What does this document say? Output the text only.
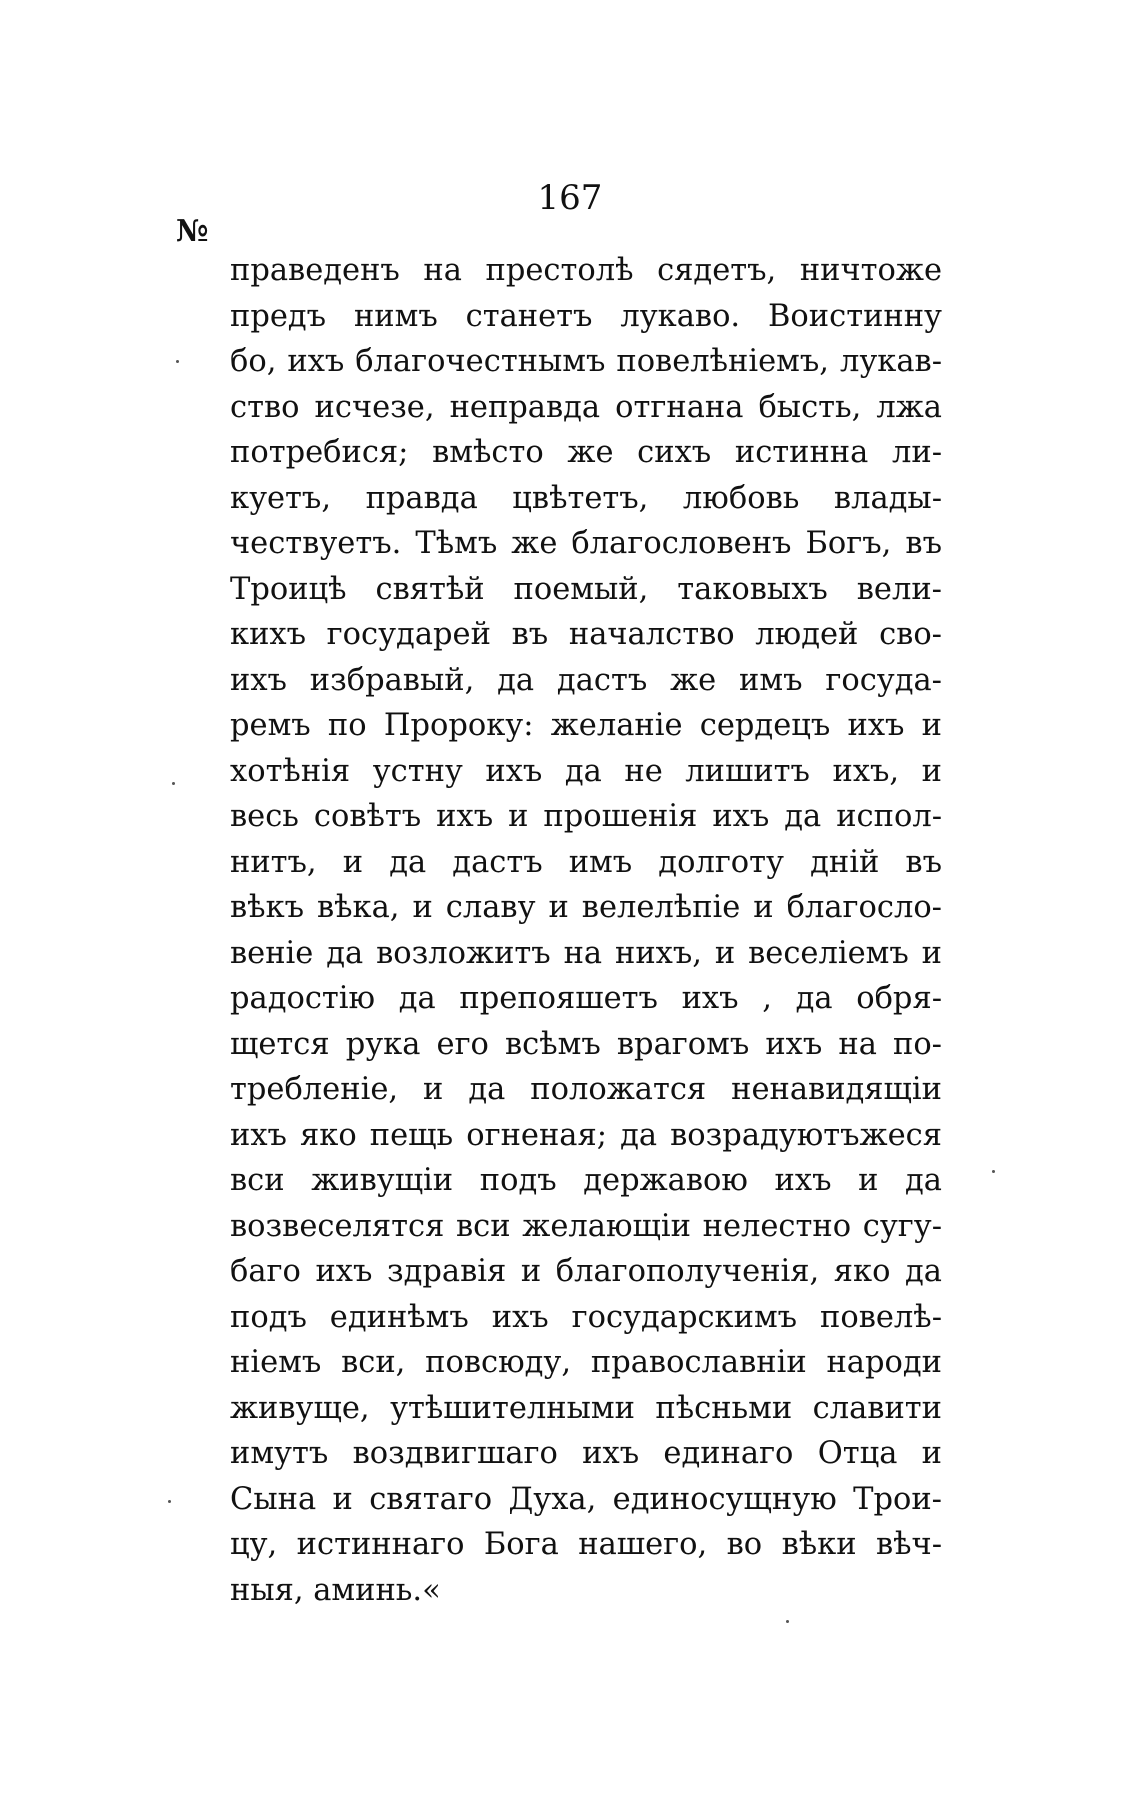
167
№
праведенъ на престолѣ сядетъ, ничтоже
предъ нимъ станетъ лукаво. Воистинну
бо, ихъ благочестнымъ повелѣніемъ, лукав-
ство исчезе, неправда отгнана бысть, лжа
потребися; вмѣсто же сихъ истинна ли-
куетъ, правда цвѣтетъ, любовь влады-
чествуетъ. Тѣмъ же благословенъ Богъ, въ
Троицѣ святѣй поемый, таковыхъ вели-
кихъ государей въ началство людей сво-
ихъ избравый, да дастъ же имъ госуда-
ремъ по Пророку: желаніе сердецъ ихъ и
хотѣнія устну ихъ да не лишитъ ихъ, и
весь совѣтъ ихъ и прошенія ихъ да испол-
нитъ, и да дастъ имъ долготу днiй въ
вѣкъ вѣка, и славу и велелѣпіе и благосло-
веніе да возложитъ на нихъ, и веселіемъ и
радостію да препояшетъ ихъ , да обря-
щется рука его всѣмъ врагомъ ихъ на по-
требленіе, и да положатся ненавидящіи
ихъ яко пещь огненая; да возрадуютъжеся
вси живущіи подъ державою ихъ и да
возвеселятся вси желающіи нелестно сугу-
баго ихъ здравія и благополученія, яко да
подъ единѣмъ ихъ государскимъ повелѣ-
ніемъ вси, повсюду, православніи народи
живуще, утѣшителными пѣсньми славити
имутъ воздвигшаго ихъ единаго Отца и
Сына и святаго Духа, единосущную Трои-
цу, истиннаго Бога нашего, во вѣки вѣч-
ныя, аминь.«
